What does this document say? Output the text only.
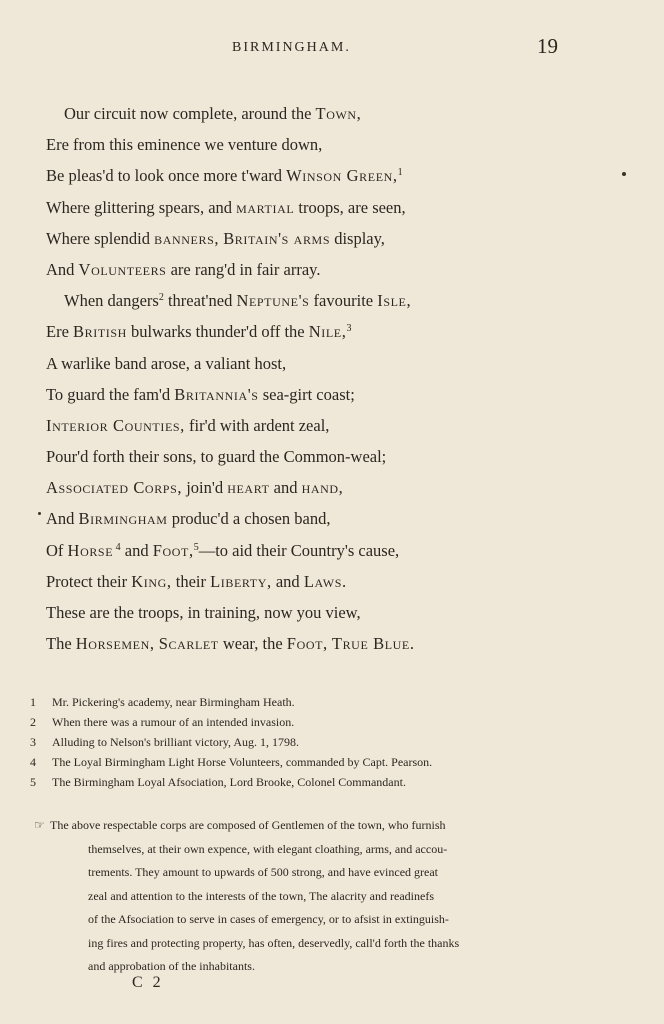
BIRMINGHAM.	19
Our circuit now complete, around the Town,
Ere from this eminence we venture down,
Be pleas'd to look once more t'ward Winson Green,$^1$
Where glittering spears, and martial troops, are seen,
Where splendid banners, Britain's arms display,
And Volunteers are rang'd in fair array.
When dangers$^2$ threat'ned Neptune's favourite Isle,
Ere British bulwarks thunder'd off the Nile,$^3$
A warlike band arose, a valiant host,
To guard the fam'd Britannia's sea-girt coast;
Interior Counties, fir'd with ardent zeal,
Pour'd forth their sons, to guard the Common-weal;
Associated Corps, join'd heart and hand,
And Birmingham produc'd a chosen band,
Of Horse $^4$ and Foot,$^5$—to aid their Country's cause,
Protect their King, their Liberty, and Laws.
These are the troops, in training, now you view,
The Horsemen, Scarlet wear, the Foot, True Blue.
1 Mr. Pickering's academy, near Birmingham Heath.
2 When there was a rumour of an intended invasion.
3 Alluding to Nelson's brilliant victory, Aug. 1, 1798.
4 The Loyal Birmingham Light Horse Volunteers, commanded by Capt. Pearson.
5 The Birmingham Loyal Afsociation, Lord Brooke, Colonel Commandant.
☞ The above respectable corps are composed of Gentlemen of the town, who furnish
themselves, at their own expence, with elegant cloathing, arms, and accou-
trements. They amount to upwards of 500 strong, and have evinced great
zeal and attention to the interests of the town, The alacrity and readinefs
of the Afsociation to serve in cases of emergency, or to afsist in extinguish-
ing fires and protecting property, has often, deservedly, call'd forth the thanks
and approbation of the inhabitants.
C 2
